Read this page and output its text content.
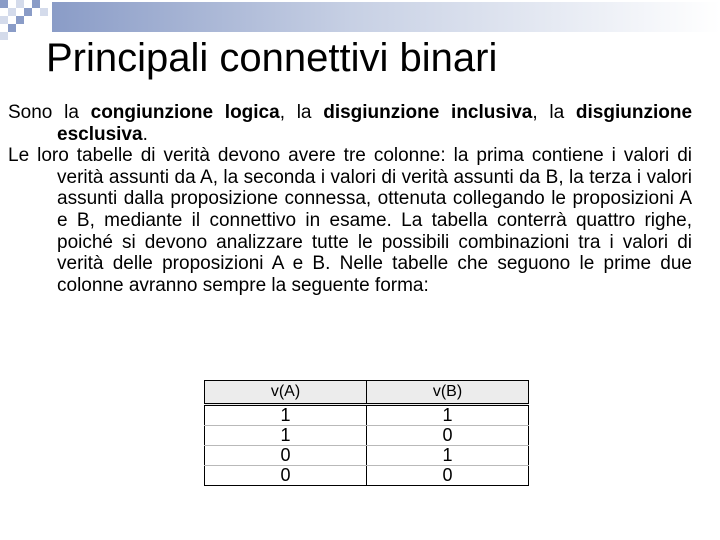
Principali connettivi binari

Sono la congiunzione logica, la disgiunzione inclusiva, la disgiunzione esclusiva.

Le loro tabelle di verità devono avere tre colonne: la prima contiene i valori di verità assunti da A, la seconda i valori di verità assunti da B, la terza i valori assunti dalla proposizione connessa, ottenuta collegando le proposizioni A e B, mediante il connettivo in esame. La tabella conterrà quattro righe, poiché si devono analizzare tutte le possibili combinazioni tra i valori di verità delle proposizioni A e B. Nelle tabelle che seguono le prime due colonne avranno sempre la seguente forma:

v(A)	v(B)
1	1
1	0
0	1
0	0
